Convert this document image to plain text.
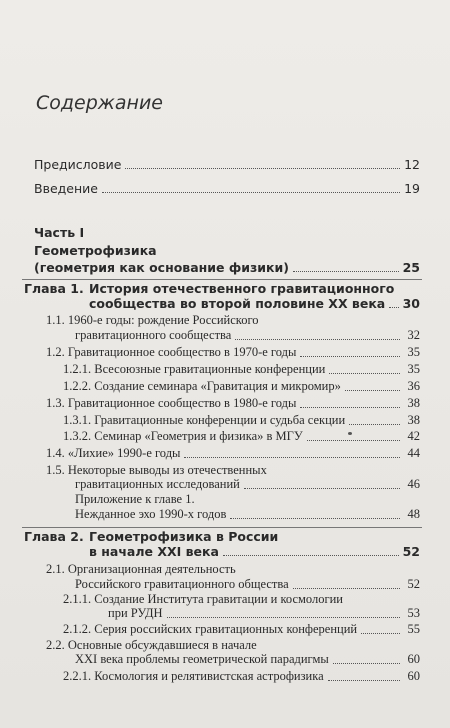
Содержание
Предисловие	12
Введение	19
Часть I
Геометрофизика
(геометрия как основание физики)	25
Глава 1. История отечественного гравитационного
сообщества во второй половине XX века 30
1.1. 1960-е годы: рождение Российского
гравитационного сообщества	32
1.2. Гравитационное сообщество в 1970-е годы	35
1.2.1. Всесоюзные гравитационные конференции	35
1.2.2. Создание семинара «Гравитация и микромир»	36
1.3. Гравитационное сообщество в 1980-е годы	38
1.3.1. Гравитационные конференции и судьба секции	38
1.3.2. Семинар «Геометрия и физика» в МГУ	42
1.4. «Лихие» 1990-е годы	44
1.5. Некоторые выводы из отечественных
гравитационных исследований	46
Приложение к главе 1.
Нежданное эхо 1990-х годов	48
Глава 2. Геометрофизика в России
в начале XXI века	52
2.1. Организационная деятельность
Российского гравитационного общества	52
2.1.1. Создание Института гравитации и космологии
при РУДН	53
2.1.2. Серия российских гравитационных конференций	55
2.2. Основные обсуждавшиеся в начале
XXI века проблемы геометрической парадигмы	60
2.2.1. Космология и релятивистская астрофизика	60
